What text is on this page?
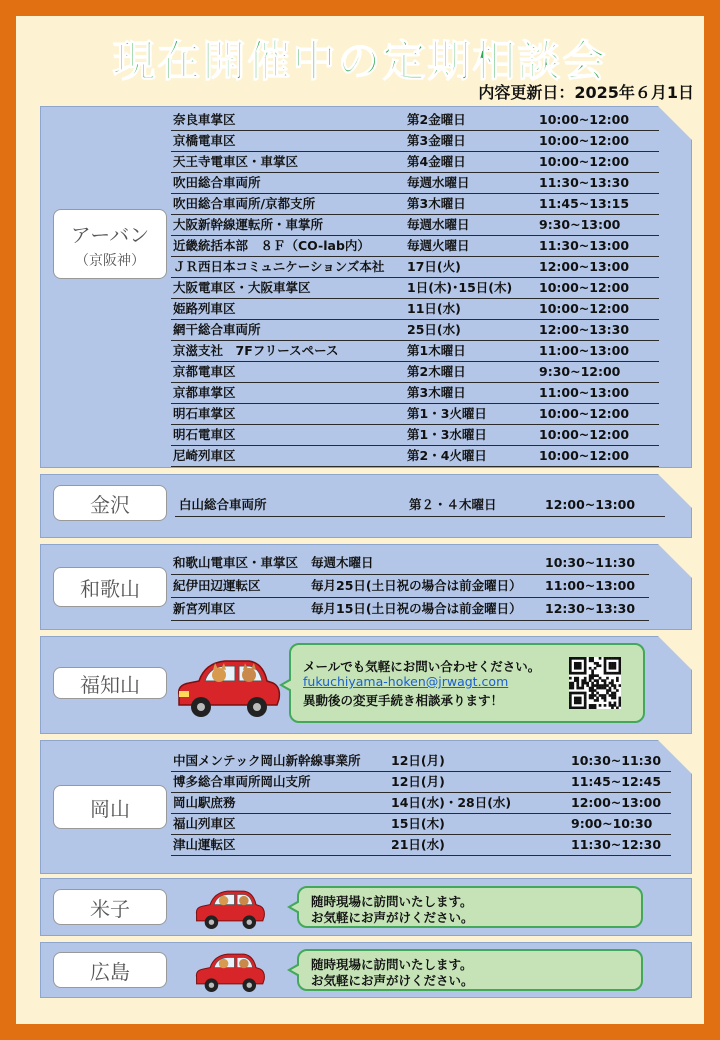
現在開催中の定期相談会
内容更新日：2025年６月1日
アーバン
（京阪神）
奈良車掌区	第2金曜日	10:00~12:00
京橋電車区	第3金曜日	10:00~12:00
天王寺電車区・車掌区	第4金曜日	10:00~12:00
吹田総合車両所	毎週水曜日	11:30~13:30
吹田総合車両所/京都支所	第3木曜日	11:45~13:15
大阪新幹線運転所・車掌所	毎週水曜日	9:30~13:00
近畿統括本部　８Ｆ（CO-lab内）	毎週火曜日	11:30~13:00
ＪＲ西日本コミュニケーションズ本社 17日(火)	12:00~13:00
大阪電車区・大阪車掌区	1日(木)･15日(木) 10:00~12:00
姫路列車区	11日(水)	10:00~12:00
網干総合車両所	25日(水)	12:00~13:30
京滋支社　7Fフリースペース	第1木曜日	11:00~13:00
京都電車区	第2木曜日	9:30~12:00
京都車掌区	第3木曜日	11:00~13:00
明石車掌区	第1・3火曜日	10:00~12:00
明石電車区	第1・3水曜日	10:00~12:00
尼崎列車区	第2・4火曜日	10:00~12:00
金沢	白山総合車両所	第２・４木曜日	12:00~13:00
和歌山
和歌山電車区・車掌区 毎週木曜日	10:30~11:30
紀伊田辺運転区	毎月25日(土日祝の場合は前金曜日） 11:00~13:00
新宮列車区	毎月15日(土日祝の場合は前金曜日） 12:30~13:30
福知山
メールでも気軽にお問い合わせください。
fukuchiyama-hoken@jrwagt.com
異動後の変更手続き相談承ります！
岡山
中国メンテック岡山新幹線事業所 12日(月)	10:30~11:30
博多総合車両所岡山支所	12日(月)	11:45~12:45
岡山駅庶務	14日(水)・28日(水)	12:00~13:00
福山列車区	15日(木)	9:00~10:30
津山運転区	21日(水)	11:30~12:30
米子	随時現場に訪問いたします。
お気軽にお声がけください。
広島	随時現場に訪問いたします。
お気軽にお声がけください。
